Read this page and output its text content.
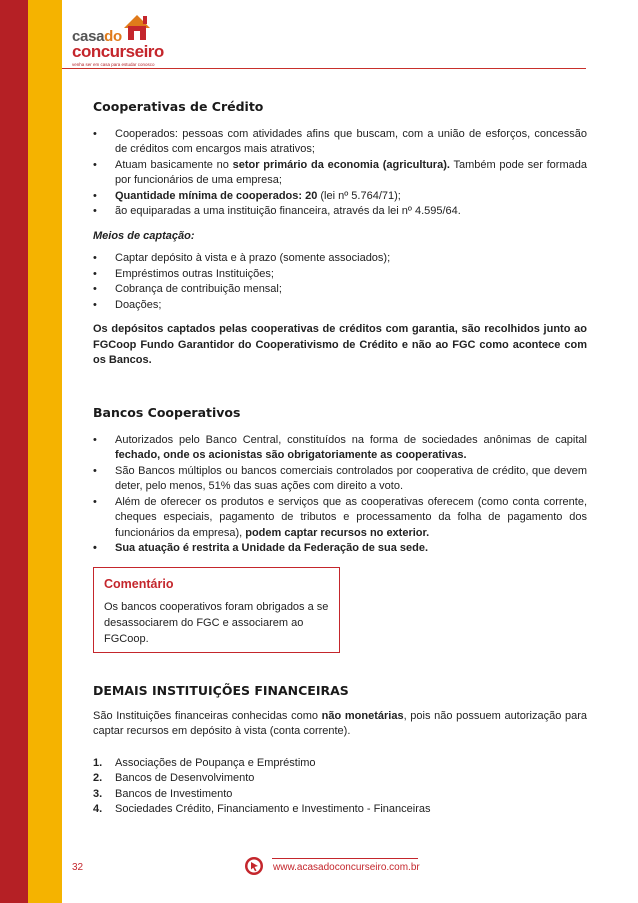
casado
concurseiro
venha ser em casa para estudar conosco
Cooperativas de Crédito
• Cooperados: pessoas com atividades afins que buscam, com a união de esforços, concessão de créditos com encargos mais atrativos;
• Atuam basicamente no setor primário da economia (agricultura). Também pode ser formada por funcionários de uma empresa;
• Quantidade mínima de cooperados: 20 (lei nº 5.764/71);
• ão equiparadas a uma instituição financeira, através da lei nº 4.595/64.
Meios de captação:
• Captar depósito à vista e à prazo (somente associados);
• Empréstimos outras Instituições;
• Cobrança de contribuição mensal;
• Doações;
Os depósitos captados pelas cooperativas de créditos com garantia, são recolhidos junto ao FGCoop Fundo Garantidor do Cooperativismo de Crédito e não ao FGC como acontece com os Bancos.
Bancos Cooperativos
• Autorizados pelo Banco Central, constituídos na forma de sociedades anônimas de capital fechado, onde os acionistas são obrigatoriamente as cooperativas.
• São Bancos múltiplos ou bancos comerciais controlados por cooperativa de crédito, que devem deter, pelo menos, 51% das suas ações com direito a voto.
• Além de oferecer os produtos e serviços que as cooperativas oferecem (como conta corrente, cheques especiais, pagamento de tributos e processamento da folha de pagamento dos funcionários da empresa), podem captar recursos no exterior.
• Sua atuação é restrita a Unidade da Federação de sua sede.
Comentário
Os bancos cooperativos foram obrigados a se desassociarem do FGC e associarem ao FGCoop.
DEMAIS INSTITUIÇÕES FINANCEIRAS
São Instituições financeiras conhecidas como não monetárias, pois não possuem autorização para captar recursos em depósito à vista (conta corrente).
1. Associações de Poupança e Empréstimo
2. Bancos de Desenvolvimento
3. Bancos de Investimento
4. Sociedades Crédito, Financiamento e Investimento - Financeiras
32	www.acasadoconcurseiro.com.br
